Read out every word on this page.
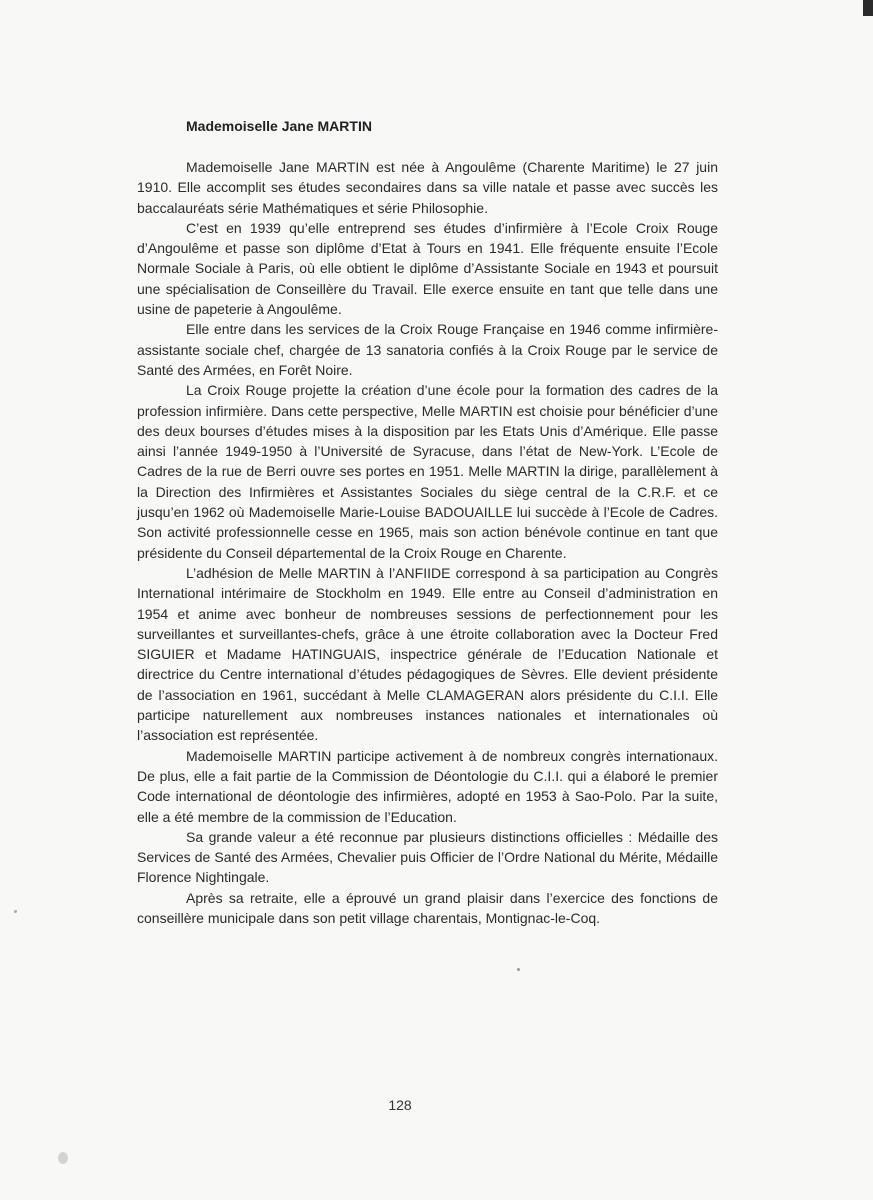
Mademoiselle Jane MARTIN

Mademoiselle Jane MARTIN est née à Angoulême (Charente Maritime) le 27 juin 1910. Elle accomplit ses études secondaires dans sa ville natale et passe avec succès les baccalauréats série Mathématiques et série Philosophie.

C’est en 1939 qu’elle entreprend ses études d’infirmière à l’Ecole Croix Rouge d’Angoulême et passe son diplôme d’Etat à Tours en 1941. Elle fréquente ensuite l’Ecole Normale Sociale à Paris, où elle obtient le diplôme d’Assistante Sociale en 1943 et poursuit une spécialisation de Conseillère du Travail. Elle exerce ensuite en tant que telle dans une usine de papeterie à Angoulême.

Elle entre dans les services de la Croix Rouge Française en 1946 comme infirmière-assistante sociale chef, chargée de 13 sanatoria confiés à la Croix Rouge par le service de Santé des Armées, en Forêt Noire.

La Croix Rouge projette la création d’une école pour la formation des cadres de la profession infirmière. Dans cette perspective, Melle MARTIN est choisie pour bénéficier d’une des deux bourses d’études mises à la disposition par les Etats Unis d’Amérique. Elle passe ainsi l’année 1949-1950 à l’Université de Syracuse, dans l’état de New-York. L’Ecole de Cadres de la rue de Berri ouvre ses portes en 1951. Melle MARTIN la dirige, parallèlement à la Direction des Infirmières et Assistantes Sociales du siège central de la C.R.F. et ce jusqu’en 1962 où Mademoiselle Marie-Louise BADOUAILLE lui succède à l’Ecole de Cadres. Son activité professionnelle cesse en 1965, mais son action bénévole continue en tant que présidente du Conseil départemental de la Croix Rouge en Charente.

L’adhésion de Melle MARTIN à l’ANFIIDE correspond à sa participation au Congrès International intérimaire de Stockholm en 1949. Elle entre au Conseil d’administration en 1954 et anime avec bonheur de nombreuses sessions de perfectionnement pour les surveillantes et surveillantes-chefs, grâce à une étroite collaboration avec la Docteur Fred SIGUIER et Madame HATINGUAIS, inspectrice générale de l’Education Nationale et directrice du Centre international d’études pédagogiques de Sèvres. Elle devient présidente de l’association en 1961, succédant à Melle CLAMAGERAN alors présidente du C.I.I. Elle participe naturellement aux nombreuses instances nationales et internationales où l’association est représentée.

Mademoiselle MARTIN participe activement à de nombreux congrès internationaux. De plus, elle a fait partie de la Commission de Déontologie du C.I.I. qui a élaboré le premier Code international de déontologie des infirmières, adopté en 1953 à Sao-Polo. Par la suite, elle a été membre de la commission de l’Education.

Sa grande valeur a été reconnue par plusieurs distinctions officielles : Médaille des Services de Santé des Armées, Chevalier puis Officier de l’Ordre National du Mérite, Médaille Florence Nightingale.

Après sa retraite, elle a éprouvé un grand plaisir dans l’exercice des fonctions de conseillère municipale dans son petit village charentais, Montignac-le-Coq.

128
